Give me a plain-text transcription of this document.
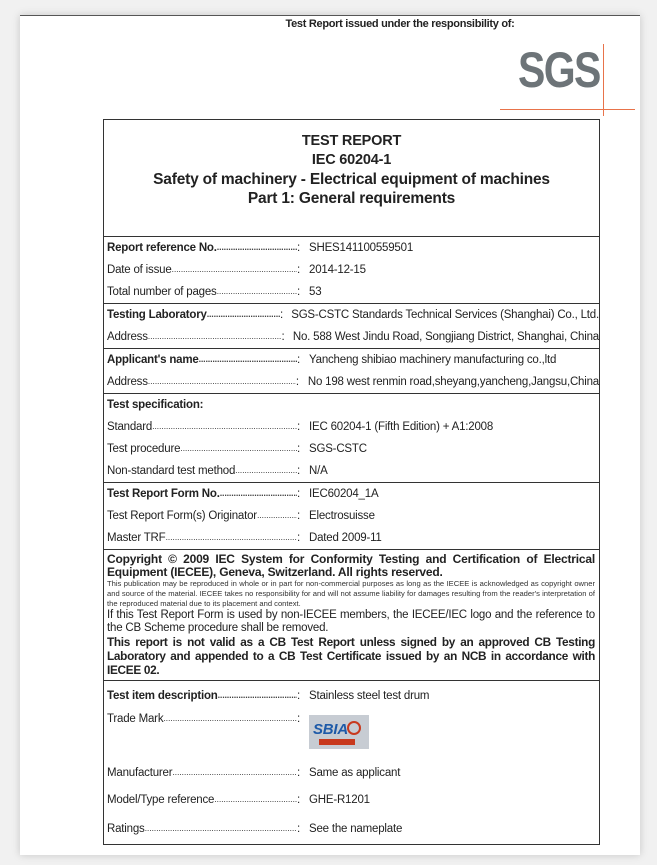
Test Report issued under the responsibility of:
SGS
TEST REPORT
IEC 60204-1
Safety of machinery - Electrical equipment of machines
Part 1: General requirements
Report reference No. .....	: SHES141100559501
Date of issue .....	: 2014-12-15
Total number of pages .....	: 53
Testing Laboratory .....	: SGS-CSTC Standards Technical Services (Shanghai) Co., Ltd.
Address .....	: No. 588 West Jindu Road, Songjiang District, Shanghai, China
Applicant's name .....	: Yancheng shibiao machinery manufacturing co.,ltd
Address .....	: No 198 west renmin road,sheyang,yancheng,Jangsu,China
Test specification:
Standard .....	: IEC 60204-1 (Fifth Edition) + A1:2008
Test procedure .....	: SGS-CSTC
Non-standard test method .....	: N/A
Test Report Form No. .....	: IEC60204_1A
Test Report Form(s) Originator .....	: Electrosuisse
Master TRF .....	: Dated 2009-11
Copyright © 2009 IEC System for Conformity Testing and Certification of Electrical Equipment (IECEE), Geneva, Switzerland. All rights reserved.
This publication may be reproduced in whole or in part for non-commercial purposes as long as the IECEE is acknowledged as copyright owner and source of the material. IECEE takes no responsibility for and will not assume liability for damages resulting from the reader's interpretation of the reproduced material due to its placement and context.
If this Test Report Form is used by non-IECEE members, the IECEE/IEC logo and the reference to the CB Scheme procedure shall be removed.
This report is not valid as a CB Test Report unless signed by an approved CB Testing Laboratory and appended to a CB Test Certificate issued by an NCB in accordance with IECEE 02.
Test item description .....	: Stainless steel test drum
Trade Mark .....	:
SBIA
Manufacturer .....	: Same as applicant
Model/Type reference .....	: GHE-R1201
Ratings .....	: See the nameplate
